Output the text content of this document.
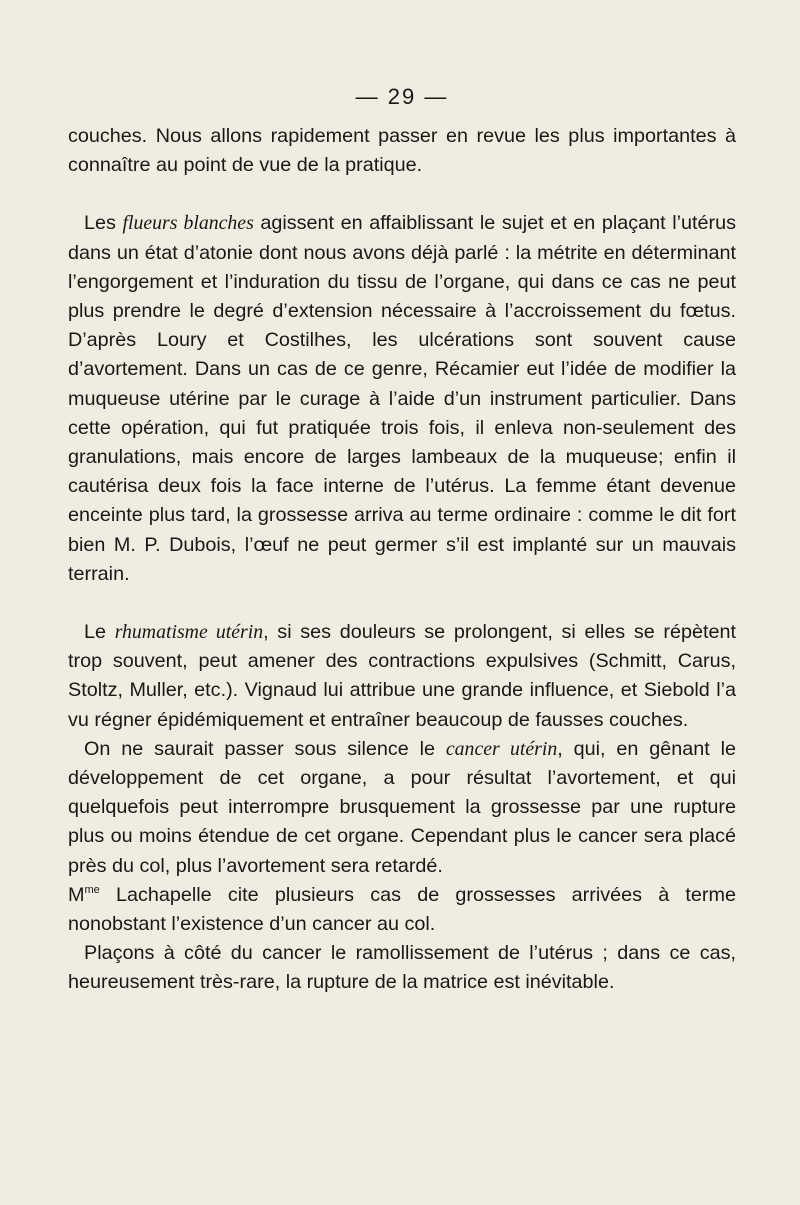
— 29 —

couches. Nous allons rapidement passer en revue les plus importantes à connaître au point de vue de la pratique.

Les flueurs blanches agissent en affaiblissant le sujet et en plaçant l’utérus dans un état d’atonie dont nous avons déjà parlé : la métrite en déterminant l’engorgement et l’induration du tissu de l’organe, qui dans ce cas ne peut plus prendre le degré d’extension nécessaire à l’accroissement du fœtus. D’après Loury et Costilhes, les ulcérations sont souvent cause d’avortement. Dans un cas de ce genre, Récamier eut l’idée de modifier la muqueuse utérine par le curage à l’aide d’un instrument particulier. Dans cette opération, qui fut pratiquée trois fois, il enleva non-seulement des granulations, mais encore de larges lambeaux de la muqueuse; enfin il cautérisa deux fois la face interne de l’utérus. La femme étant devenue enceinte plus tard, la grossesse arriva au terme ordinaire : comme le dit fort bien M. P. Dubois, l’œuf ne peut germer s’il est implanté sur un mauvais terrain.

Le rhumatisme utérin, si ses douleurs se prolongent, si elles se répètent trop souvent, peut amener des contractions expulsives (Schmitt, Carus, Stoltz, Muller, etc.). Vignaud lui attribue une grande influence, et Siebold l’a vu régner épidémiquement et entraîner beaucoup de fausses couches.

On ne saurait passer sous silence le cancer utérin, qui, en gênant le développement de cet organe, a pour résultat l’avortement, et qui quelquefois peut interrompre brusquement la grossesse par une rupture plus ou moins étendue de cet organe. Cependant plus le cancer sera placé près du col, plus l’avortement sera retardé.
$M^{me}$ Lachapelle cite plusieurs cas de grossesses arrivées à terme nonobstant l’existence d’un cancer au col.

Plaçons à côté du cancer le ramollissement de l’utérus ; dans ce cas, heureusement très-rare, la rupture de la matrice est inévitable.
